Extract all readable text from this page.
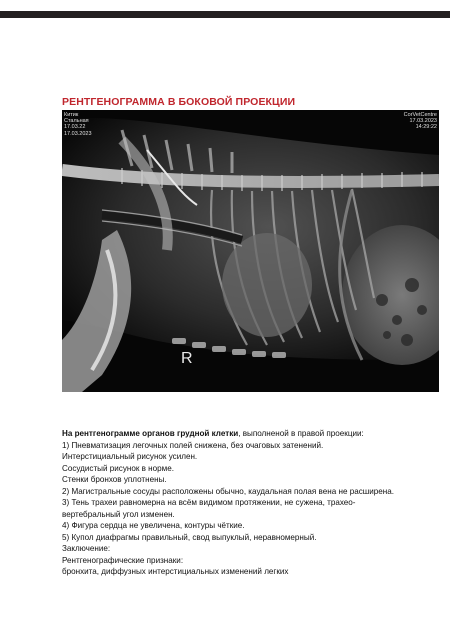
РЕНТГЕНОГРАММА В БОКОВОЙ ПРОЕКЦИИ
Китик
Стальная
17.03.22
17.03.2023
CorVetCentre
17.03.2023
14:29:22
R
На рентгенограмме органов грудной клетки, выполненой в правой проекции:
1) Пневматизация легочных полей снижена, без очаговых затенений.
Интерстициальный рисунок усилен.
Сосудистый рисунок в норме.
Стенки бронхов уплотнены.
2) Магистральные сосуды расположены обычно, каудальная полая вена не расширена.
3) Тень трахеи равномерна на всём видимом протяжении, не сужена, трахео-
вертебральный угол изменен.
4) Фигура сердца не увеличена, контуры чёткие.
5) Купол диафрагмы правильный, свод выпуклый, неравномерный.
Заключение:
Рентгенографические признаки:
бронхита, диффузных интерстициальных изменений легких
